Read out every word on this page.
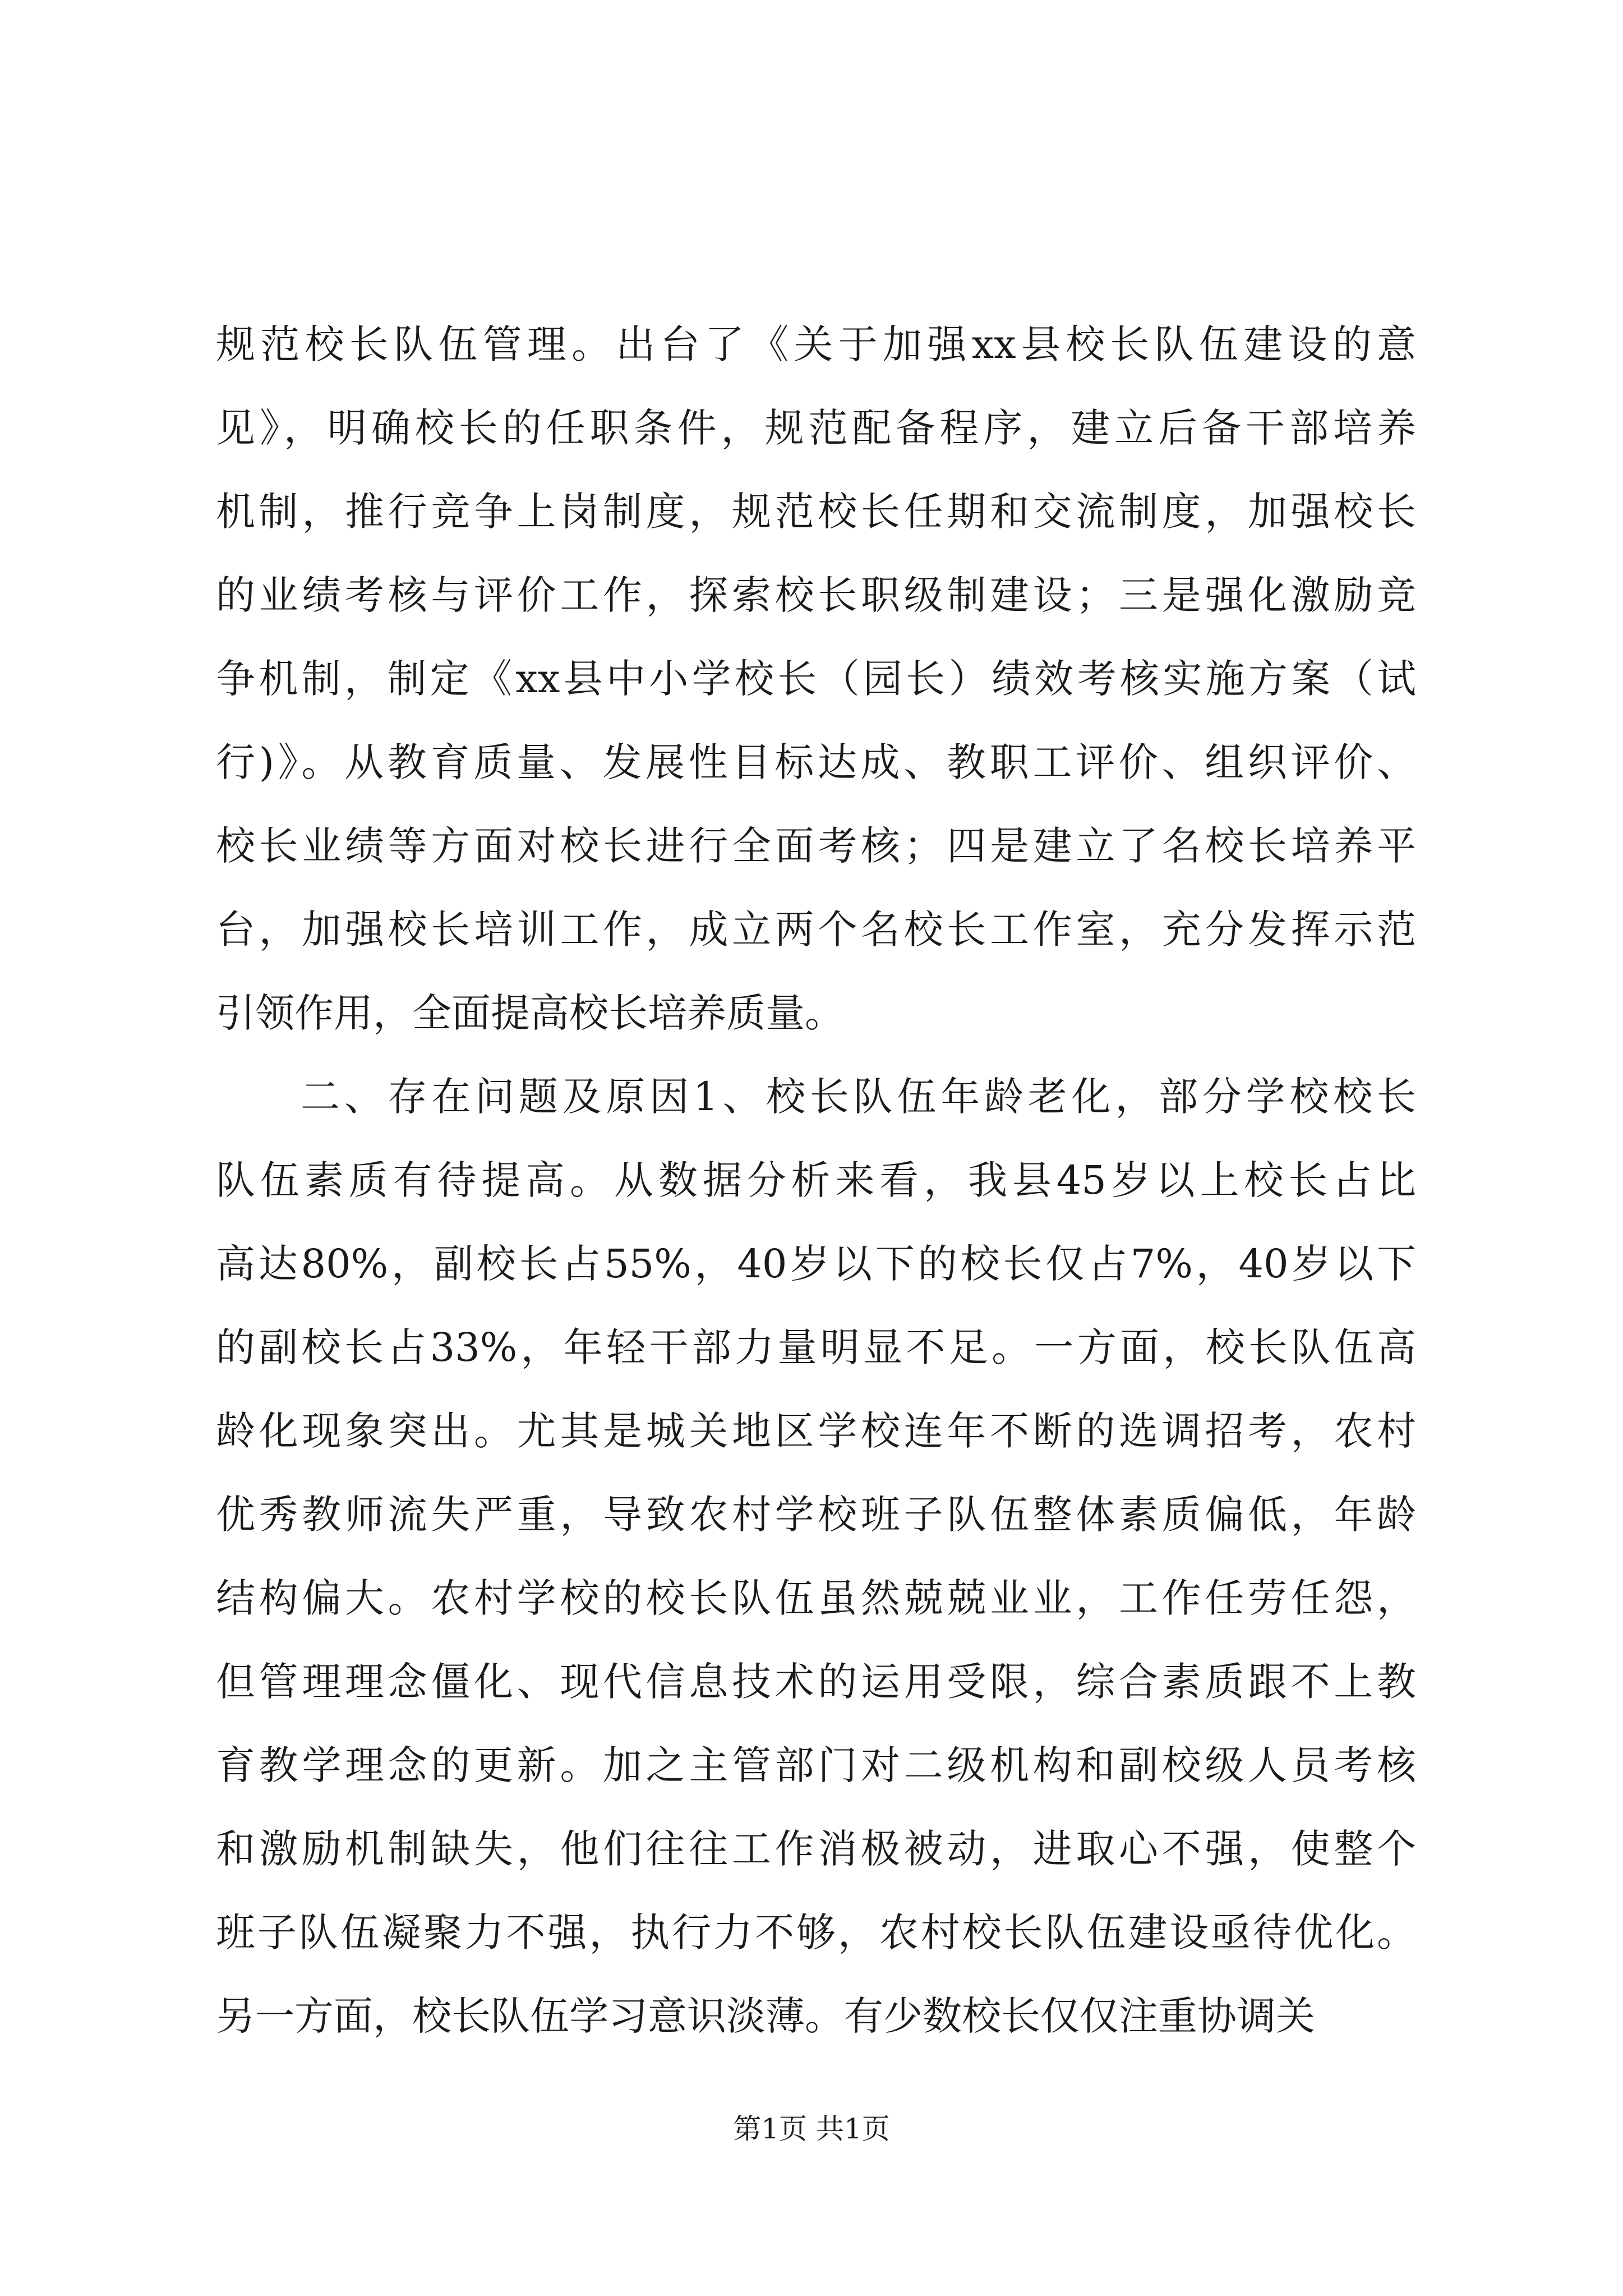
规范校长队伍管理。出台了《关于加强xx县校长队伍建设的意
见》，明确校长的任职条件，规范配备程序，建立后备干部培养
机制，推行竞争上岗制度，规范校长任期和交流制度，加强校长
的业绩考核与评价工作，探索校长职级制建设；三是强化激励竞
争机制，制定《xx县中小学校长（园长）绩效考核实施方案（试
行)》。从教育质量、发展性目标达成、教职工评价、组织评价、
校长业绩等方面对校长进行全面考核；四是建立了名校长培养平
台，加强校长培训工作，成立两个名校长工作室，充分发挥示范
引领作用，全面提高校长培养质量。
二、存在问题及原因1、校长队伍年龄老化，部分学校校长
队伍素质有待提高。从数据分析来看，我县45岁以上校长占比
高达80%，副校长占55%，40岁以下的校长仅占7%，40岁以下
的副校长占33%，年轻干部力量明显不足。一方面，校长队伍高
龄化现象突出。尤其是城关地区学校连年不断的选调招考，农村
优秀教师流失严重，导致农村学校班子队伍整体素质偏低，年龄
结构偏大。农村学校的校长队伍虽然兢兢业业，工作任劳任怨，
但管理理念僵化、现代信息技术的运用受限，综合素质跟不上教
育教学理念的更新。加之主管部门对二级机构和副校级人员考核
和激励机制缺失，他们往往工作消极被动，进取心不强，使整个
班子队伍凝聚力不强，执行力不够，农村校长队伍建设亟待优化。
另一方面，校长队伍学习意识淡薄。有少数校长仅仅注重协调关
第1页 共1页
